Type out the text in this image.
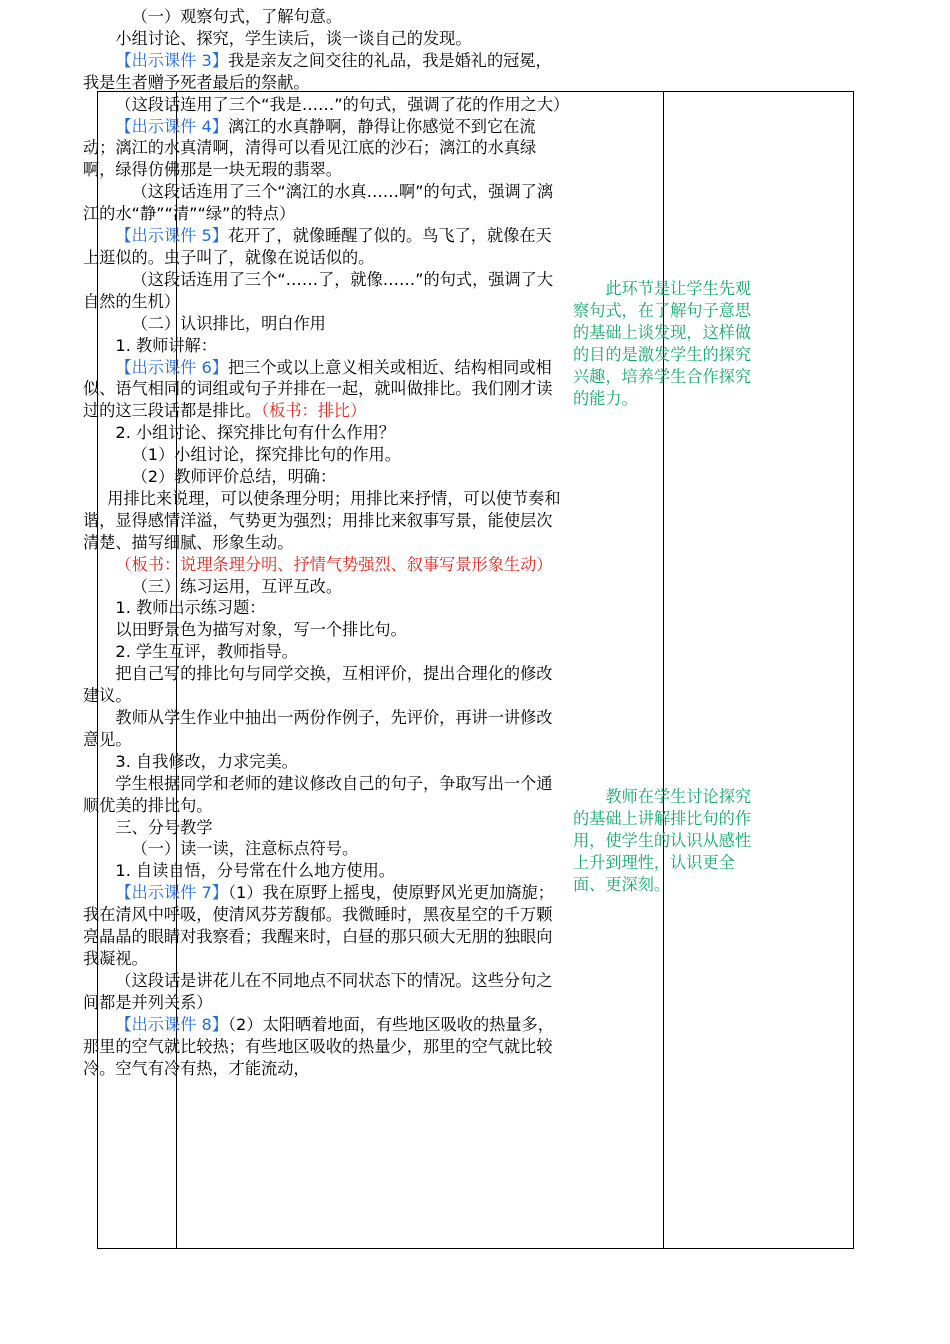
（一）观察句式，了解句意。

小组讨论、探究，学生读后，谈一谈自己的发现。

【出示课件 3】我是亲友之间交往的礼品，我是婚礼的冠冕，我是生者赠予死者最后的祭献。

（这段话连用了三个“我是……”的句式，强调了花的作用之大）

【出示课件 4】漓江的水真静啊，静得让你感觉不到它在流动；漓江的水真清啊，清得可以看见江底的沙石；漓江的水真绿啊，绿得仿佛那是一块无瑕的翡翠。

（这段话连用了三个“漓江的水真……啊”的句式，强调了漓江的水“静”“清”“绿”的特点）

【出示课件 5】花开了，就像睡醒了似的。鸟飞了，就像在天上逛似的。虫子叫了，就像在说话似的。

（这段话连用了三个“……了，就像……”的句式，强调了大自然的生机）

（二）认识排比，明白作用

1. 教师讲解：

【出示课件 6】把三个或以上意义相关或相近、结构相同或相似、语气相同的词组或句子并排在一起，就叫做排比。我们刚才读过的这三段话都是排比。（板书：排比）

2. 小组讨论、探究排比句有什么作用？

（1）小组讨论，探究排比句的作用。

（2）教师评价总结，明确：

用排比来说理，可以使条理分明；用排比来抒情，可以使节奏和谐，显得感情洋溢，气势更为强烈；用排比来叙事写景，能使层次清楚、描写细腻、形象生动。

（板书：说理条理分明、抒情气势强烈、叙事写景形象生动）

（三）练习运用，互评互改。

1. 教师出示练习题：

以田野景色为描写对象，写一个排比句。

2. 学生互评，教师指导。

把自己写的排比句与同学交换，互相评价，提出合理化的修改建议。

教师从学生作业中抽出一两份作例子，先评价，再讲一讲修改意见。

3. 自我修改，力求完美。

学生根据同学和老师的建议修改自己的句子，争取写出一个通顺优美的排比句。

三、分号教学

（一）读一读，注意标点符号。

1. 自读自悟，分号常在什么地方使用。

【出示课件 7】（1）我在原野上摇曳，使原野风光更加旖旎；我在清风中呼吸，使清风芬芳馥郁。我微睡时，黑夜星空的千万颗亮晶晶的眼睛对我察看；我醒来时，白昼的那只硕大无朋的独眼向我凝视。

（这段话是讲花儿在不同地点不同状态下的情况。这些分句之间都是并列关系）

【出示课件 8】（2）太阳晒着地面，有些地区吸收的热量多，那里的空气就比较热；有些地区吸收的热量少，那里的空气就比较冷。空气有冷有热，才能流动，

此环节是让学生先观察句式，在了解句子意思的基础上谈发现，这样做的目的是激发学生的探究兴趣，培养学生合作探究的能力。

教师在学生讨论探究的基础上讲解排比句的作用，使学生的认识从感性上升到理性，认识更全面、更深刻。
